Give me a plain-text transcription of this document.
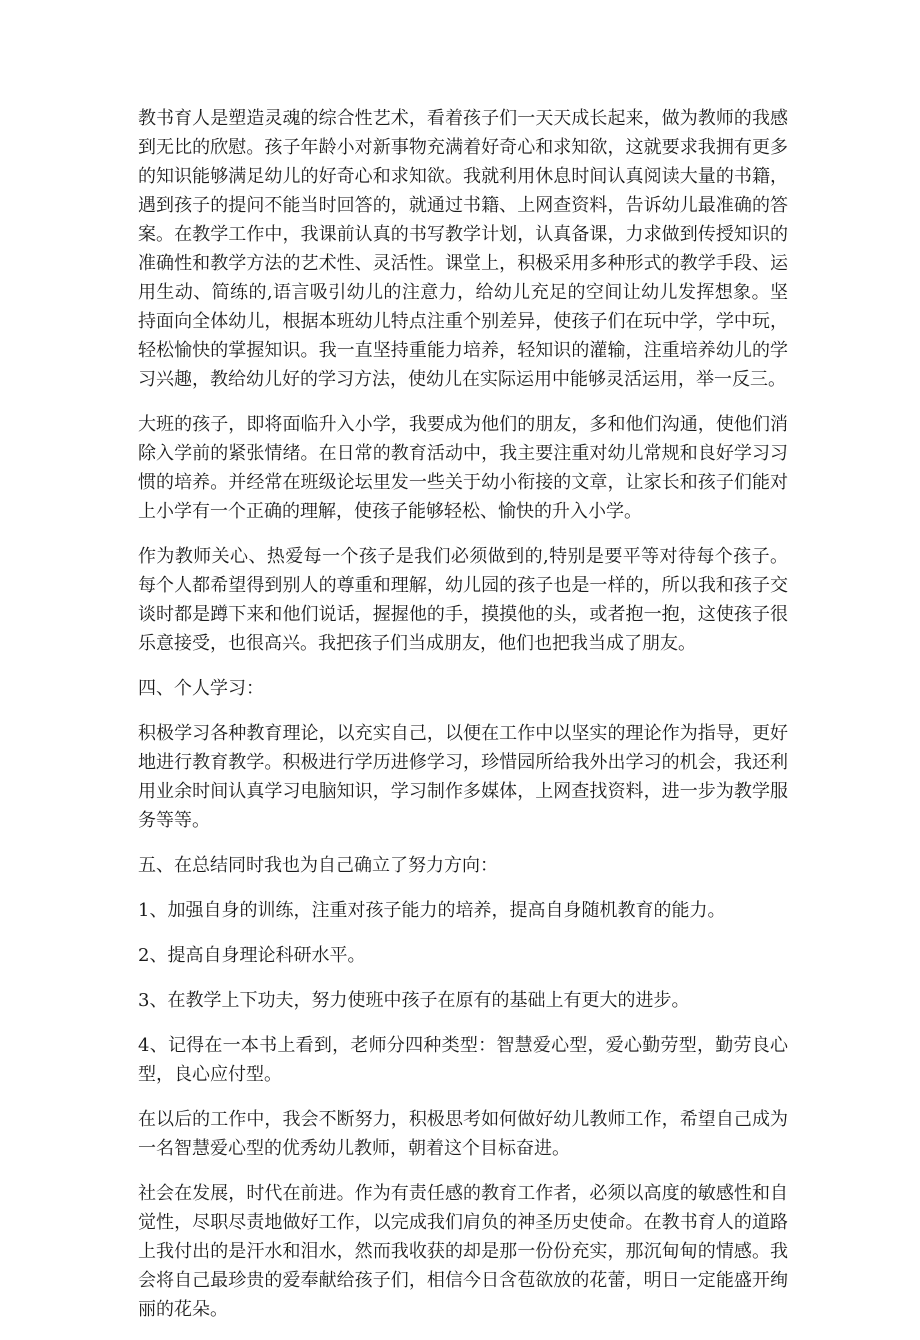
教书育人是塑造灵魂的综合性艺术，看着孩子们一天天成长起来，做为教师的我感到无比的欣慰。孩子年龄小对新事物充满着好奇心和求知欲，这就要求我拥有更多的知识能够满足幼儿的好奇心和求知欲。我就利用休息时间认真阅读大量的书籍，遇到孩子的提问不能当时回答的，就通过书籍、上网查资料，告诉幼儿最准确的答案。在教学工作中，我课前认真的书写教学计划，认真备课，力求做到传授知识的准确性和教学方法的艺术性、灵活性。课堂上，积极采用多种形式的教学手段、运用生动、简练的,语言吸引幼儿的注意力，给幼儿充足的空间让幼儿发挥想象。坚持面向全体幼儿，根据本班幼儿特点注重个别差异，使孩子们在玩中学，学中玩，轻松愉快的掌握知识。我一直坚持重能力培养，轻知识的灌输，注重培养幼儿的学习兴趣，教给幼儿好的学习方法，使幼儿在实际运用中能够灵活运用，举一反三。

大班的孩子，即将面临升入小学，我要成为他们的朋友，多和他们沟通，使他们消除入学前的紧张情绪。在日常的教育活动中，我主要注重对幼儿常规和良好学习习惯的培养。并经常在班级论坛里发一些关于幼小衔接的文章，让家长和孩子们能对上小学有一个正确的理解，使孩子能够轻松、愉快的升入小学。

作为教师关心、热爱每一个孩子是我们必须做到的,特别是要平等对待每个孩子。每个人都希望得到别人的尊重和理解，幼儿园的孩子也是一样的，所以我和孩子交谈时都是蹲下来和他们说话，握握他的手，摸摸他的头，或者抱一抱，这使孩子很乐意接受，也很高兴。我把孩子们当成朋友，他们也把我当成了朋友。

四、个人学习：

积极学习各种教育理论，以充实自己，以便在工作中以坚实的理论作为指导，更好地进行教育教学。积极进行学历进修学习，珍惜园所给我外出学习的机会，我还利用业余时间认真学习电脑知识，学习制作多媒体，上网查找资料，进一步为教学服务等等。

五、在总结同时我也为自己确立了努力方向：

1、加强自身的训练，注重对孩子能力的培养，提高自身随机教育的能力。

2、提高自身理论科研水平。

3、在教学上下功夫，努力使班中孩子在原有的基础上有更大的进步。

4、记得在一本书上看到，老师分四种类型：智慧爱心型，爱心勤劳型，勤劳良心型，良心应付型。

在以后的工作中，我会不断努力，积极思考如何做好幼儿教师工作，希望自己成为一名智慧爱心型的优秀幼儿教师，朝着这个目标奋进。

社会在发展，时代在前进。作为有责任感的教育工作者，必须以高度的敏感性和自觉性，尽职尽责地做好工作，以完成我们肩负的神圣历史使命。在教书育人的道路上我付出的是汗水和泪水，然而我收获的却是那一份份充实，那沉甸甸的情感。我会将自己最珍贵的爱奉献给孩子们，相信今日含苞欲放的花蕾，明日一定能盛开绚丽的花朵。
